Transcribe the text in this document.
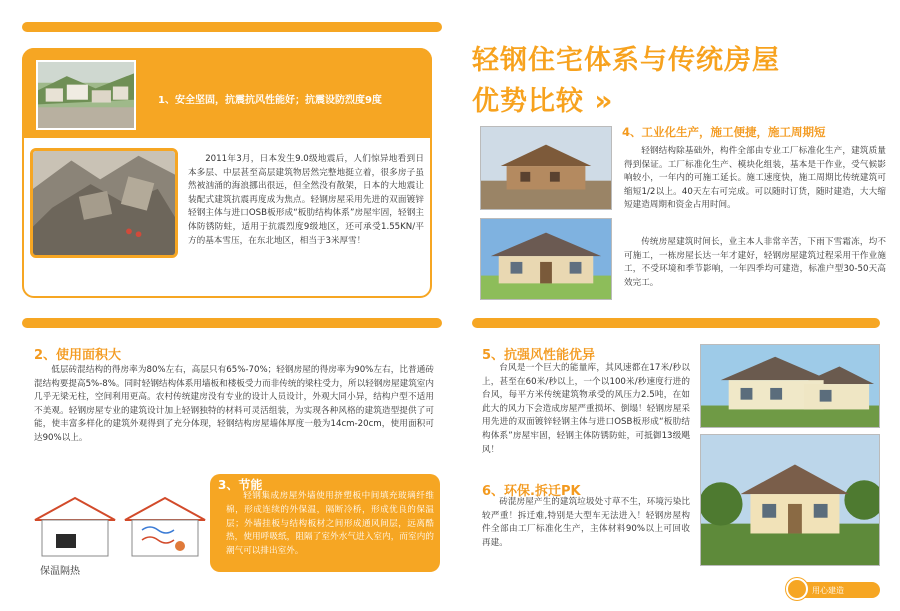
1、安全坚固，抗震抗风性能好；抗震设防烈度9度
2011年3月，日本发生9.0级地震后，人们惊异地看到日本多层、中层甚至高层建筑物居然完整地挺立着，很多房子虽然被汹涌的海浪挪出很远，但全然没有散架，日本的大地震让装配式建筑抗震再度成为焦点。轻钢房屋采用先进的双面镀锌轻钢主体与进口OSB板形成“板肋结构体系”房屋牢固，轻钢主体防锈防蛀，适用于抗震烈度9级地区，还可承受1.55KN/平方的基本雪压，在东北地区，相当于3米厚雪！
轻钢住宅体系与传统房屋
优势比较 »
4、工业化生产，施工便捷，施工周期短
轻钢结构除基础外，构件全部由专业工厂标准化生产，建筑质量得到保证。工厂标准化生产、模块化组装，基本是干作业，受气候影响较小，一年内的可施工延长。施工速度快，施工周期比传统建筑可缩短1/2以上。40天左右可完成。可以随时订货，随时建造，大大缩短建造周期和资金占用时间。
传统房屋建筑时间长，业主本人非常辛苦，下雨下雪霜冻，均不可施工，一栋房屋长达一年才建好，轻钢房屋建筑过程采用干作业施工，不受环境和季节影响，一年四季均可建造，标准户型30-50天高效完工。
2、使用面积大
低层砖混结构的得房率为80%左右，高层只有65%-70%；轻钢房屋的得房率为90%左右，比普通砖混结构要提高5%-8%。同时轻钢结构体系用墙板和楼板受力而非传统的梁柱受力，所以轻钢房屋建筑室内几乎无梁无柱，空间利用更高。农村传统建房没有专业的设计人员设计，外观大同小异，结构户型不适用不美观。轻钢房屋专业的建筑设计加上轻钢独特的材料可灵活组装，为实现各种风格的建筑造型提供了可能，使丰富多样化的建筑外观得到了充分体现，轻钢结构房屋墙体厚度一般为14cm-20cm，使用面积可达90%以上。
3、节能
轻钢集成房屋外墙使用挤塑板中间填充玻璃纤维棉，形成连续的外保温，隔断冷桥，形成优良的保温层；外墙挂板与结构板材之间形成通风间层，远离酷热，使用呼吸纸，阻隔了室外水气进入室内，而室内的潮气可以排出室外。
保温隔热
5、抗强风性能优异
台风是一个巨大的能量库，其风速都在17米/秒以上，甚至在60米/秒以上，一个以100米/秒速度行进的台风，每平方米传统建筑物承受的风压力2.5吨，在如此大的风力下会造成房屋严重损坏、倒塌！轻钢房屋采用先进的双面镀锌轻钢主体与进口OSB板形成“板肋结构体系”房屋牢固，轻钢主体防锈防蛀，可抵御13级飓风！
6、环保.拆迁PK
砖混房屋产生的建筑垃圾处寸草不生，环境污染比较严重！拆迁难,特别是大型车无法进入！轻钢房屋构件全部由工厂标准化生产，主体材料90%以上可回收再建。
用心建造
